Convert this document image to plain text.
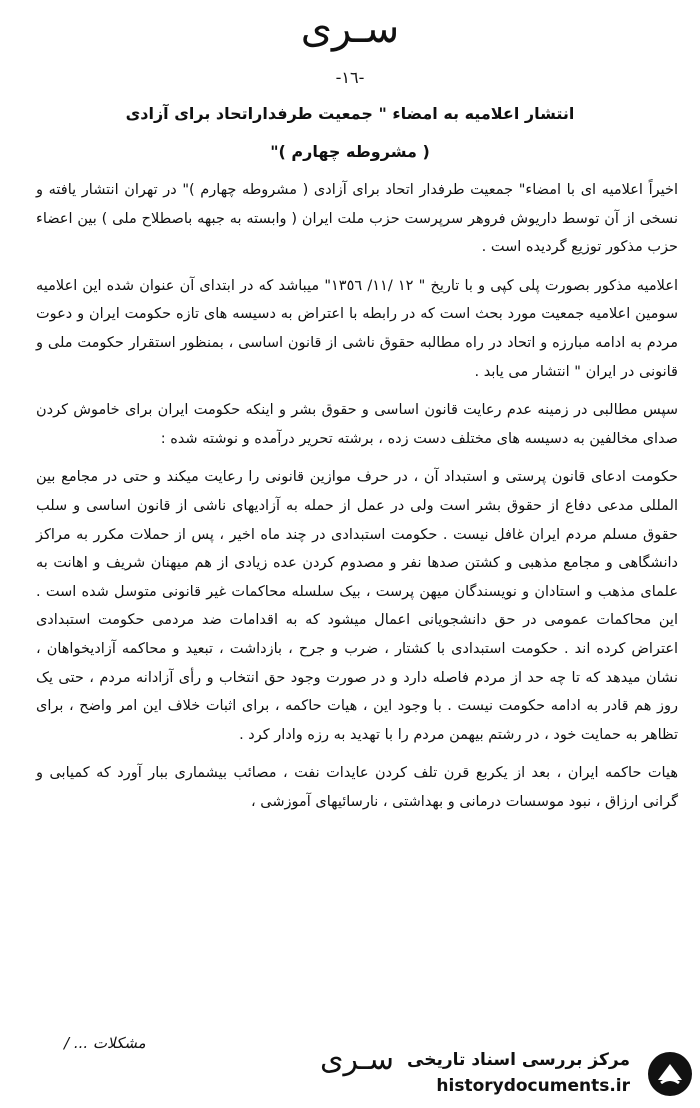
سـرى
-١٦-
انتشار اعلامیه به امضاء " جمعیت طرفداراتحاد برای آزادی
( مشروطه چهارم )"

اخیراً اعلامیه ای با امضاء" جمعیت طرفدار اتحاد برای آزادی ( مشروطه چهارم )" در تهران انتشار یافته و نسخی از آن توسط داریوش فروهر سرپرست حزب ملت ایران ( وابسته به جبهه باصطلاح ملی ) بین اعضاء حزب مذکور توزیع گردیده است .

اعلامیه مذکور بصورت پلی کپی و با تاریخ " ١٢ /١١/ ١٣٥٦" میباشد که در ابتدای آن عنوان شده این اعلامیه سومین اعلامیه جمعیت مورد بحث است که در رابطه با اعتراض به دسیسه های تازه حکومت ایران و دعوت مردم به ادامه مبارزه و اتحاد در راه مطالبه حقوق ناشی از قانون اساسی ، بمنظور استقرار حکومت ملی و قانونی در ایران " انتشار می یابد .

سپس مطالبی در زمینه عدم رعایت قانون اساسی و حقوق بشر و اینکه حکومت ایران برای خاموش کردن صدای مخالفین به دسیسه های مختلف دست زده ، برشته تحریر درآمده و نوشته شده :

حکومت ادعای قانون پرستی و استبداد آن ، در حرف موازین قانونی را رعایت میکند و حتی در مجامع بین المللی مدعی دفاع از حقوق بشر است ولی در عمل از حمله به آزادیهای ناشی از قانون اساسی و سلب حقوق مسلم مردم ایران غافل نیست . حکومت استبدادی در چند ماه اخیر ، پس از حملات مکرر به مراکز دانشگاهی و مجامع مذهبی و کشتن صدها نفر و مصدوم کردن عده زیادی از هم میهنان شریف و اهانت به علمای مذهب و استادان و نویسندگان میهن پرست ، بیک سلسله محاکمات غیر قانونی متوسل شده است . این محاکمات عمومی در حق دانشجویانی اعمال میشود که به اقدامات ضد مردمی حکومت استبدادی اعتراض کرده اند . حکومت استبدادی با کشتار ، ضرب و جرح ، بازداشت ، تبعید و محاکمه آزادیخواهان ، نشان میدهد که تا چه حد از مردم فاصله دارد و در صورت وجود حق انتخاب و رأی آزادانه مردم ، حتی یک روز هم قادر به ادامه حکومت نیست . با وجود این ، هیات حاکمه ، برای اثبات خلاف این امر واضح ، برای تظاهر به حمایت خود ، در رشتم بیهمن مردم را با تهدید به رزه وادار کرد .

هیات حاکمه ایران ، بعد از یکربع قرن تلف کردن عایدات نفت ، مصائب بیشماری ببار آورد که کمیابی و گرانی ارزاق ، نبود موسسات درمانی و بهداشتی ، نارسائیهای آموزشی ،

مشکلات ... /	سـرى مرکز بررسی اسناد تاریخی
historydocuments.ir
